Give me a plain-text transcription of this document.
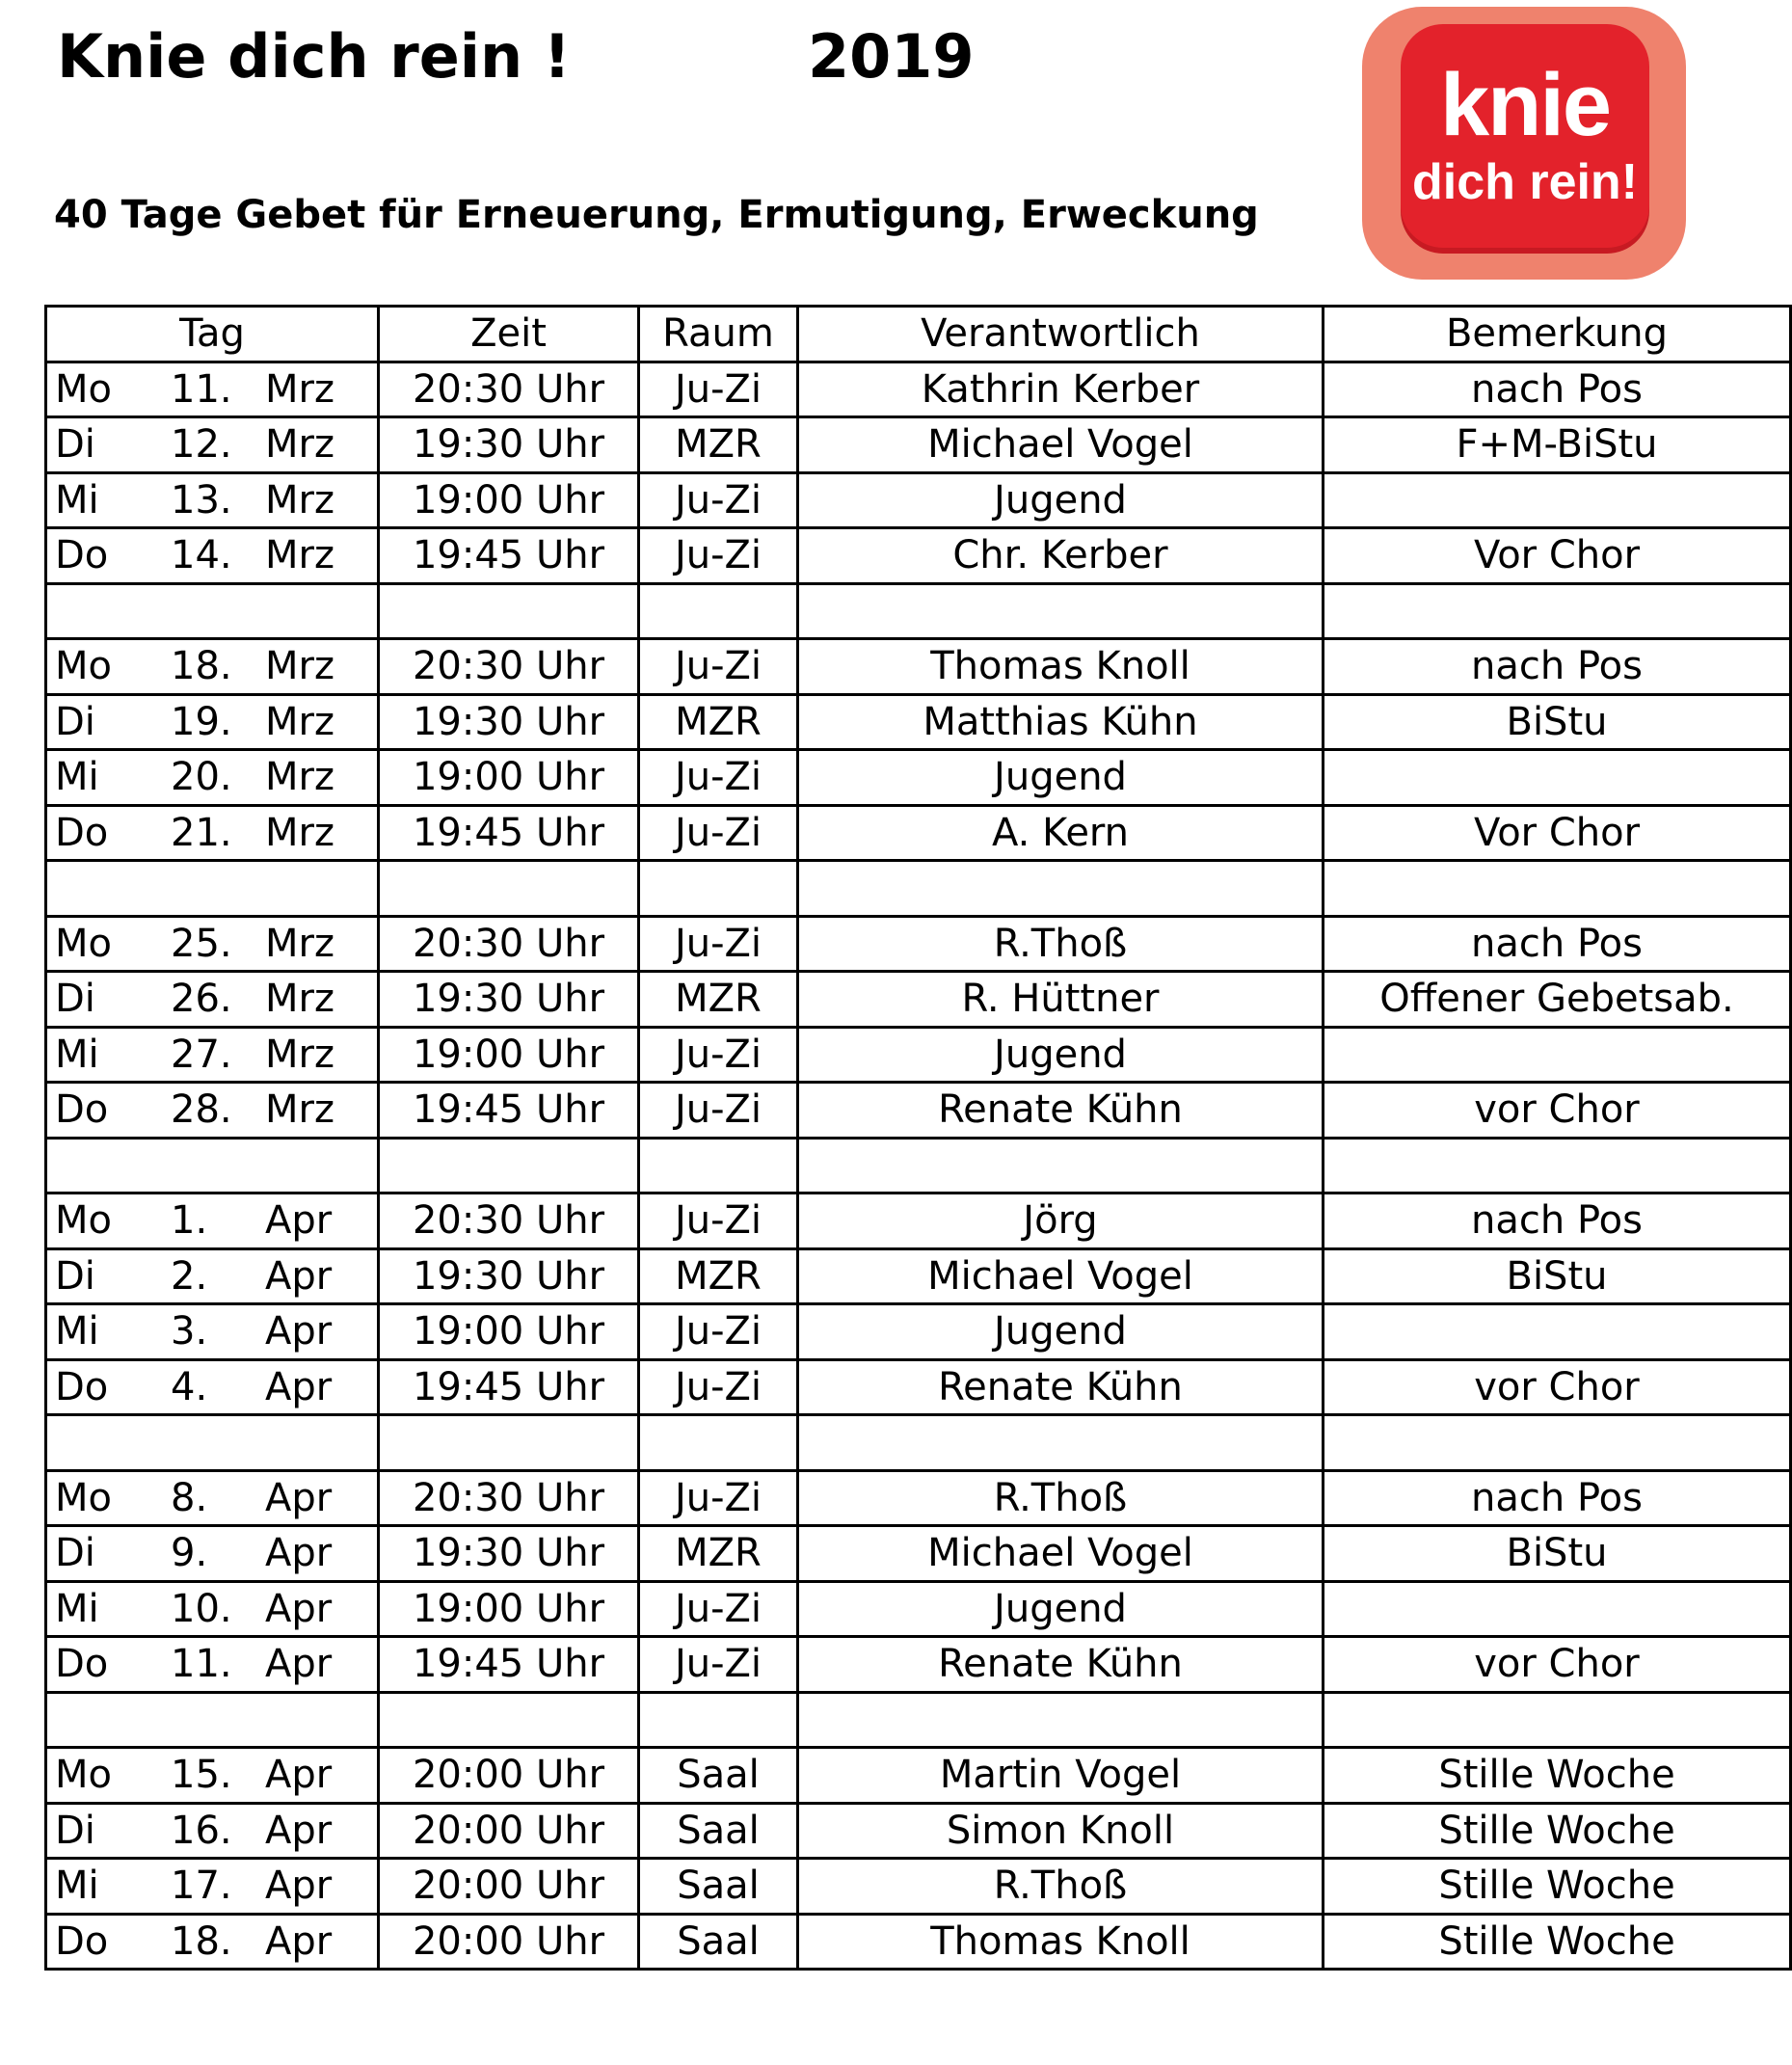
Knie dich rein !	2019
40 Tage Gebet für Erneuerung, Ermutigung, Erweckung
knie
dich rein!
Tag	Zeit	Raum	Verantwortlich	Bemerkung
Mo 11. Mrz	20:30 Uhr	Ju-Zi	Kathrin Kerber	nach Pos
Di 12. Mrz	19:30 Uhr	MZR	Michael Vogel	F+M-BiStu
Mi 13. Mrz	19:00 Uhr	Ju-Zi	Jugend	
Do 14. Mrz	19:45 Uhr	Ju-Zi	Chr. Kerber	Vor Chor

Mo 18. Mrz	20:30 Uhr	Ju-Zi	Thomas Knoll	nach Pos
Di 19. Mrz	19:30 Uhr	MZR	Matthias Kühn	BiStu
Mi 20. Mrz	19:00 Uhr	Ju-Zi	Jugend	
Do 21. Mrz	19:45 Uhr	Ju-Zi	A. Kern	Vor Chor

Mo 25. Mrz	20:30 Uhr	Ju-Zi	R.Thoß	nach Pos
Di 26. Mrz	19:30 Uhr	MZR	R. Hüttner	Offener Gebetsab.
Mi 27. Mrz	19:00 Uhr	Ju-Zi	Jugend	
Do 28. Mrz	19:45 Uhr	Ju-Zi	Renate Kühn	vor Chor

Mo 1. Apr	20:30 Uhr	Ju-Zi	Jörg	nach Pos
Di 2. Apr	19:30 Uhr	MZR	Michael Vogel	BiStu
Mi 3. Apr	19:00 Uhr	Ju-Zi	Jugend	
Do 4. Apr	19:45 Uhr	Ju-Zi	Renate Kühn	vor Chor

Mo 8. Apr	20:30 Uhr	Ju-Zi	R.Thoß	nach Pos
Di 9. Apr	19:30 Uhr	MZR	Michael Vogel	BiStu
Mi 10. Apr	19:00 Uhr	Ju-Zi	Jugend	
Do 11. Apr	19:45 Uhr	Ju-Zi	Renate Kühn	vor Chor

Mo 15. Apr	20:00 Uhr	Saal	Martin Vogel	Stille Woche
Di 16. Apr	20:00 Uhr	Saal	Simon Knoll	Stille Woche
Mi 17. Apr	20:00 Uhr	Saal	R.Thoß	Stille Woche
Do 18. Apr	20:00 Uhr	Saal	Thomas Knoll	Stille Woche
